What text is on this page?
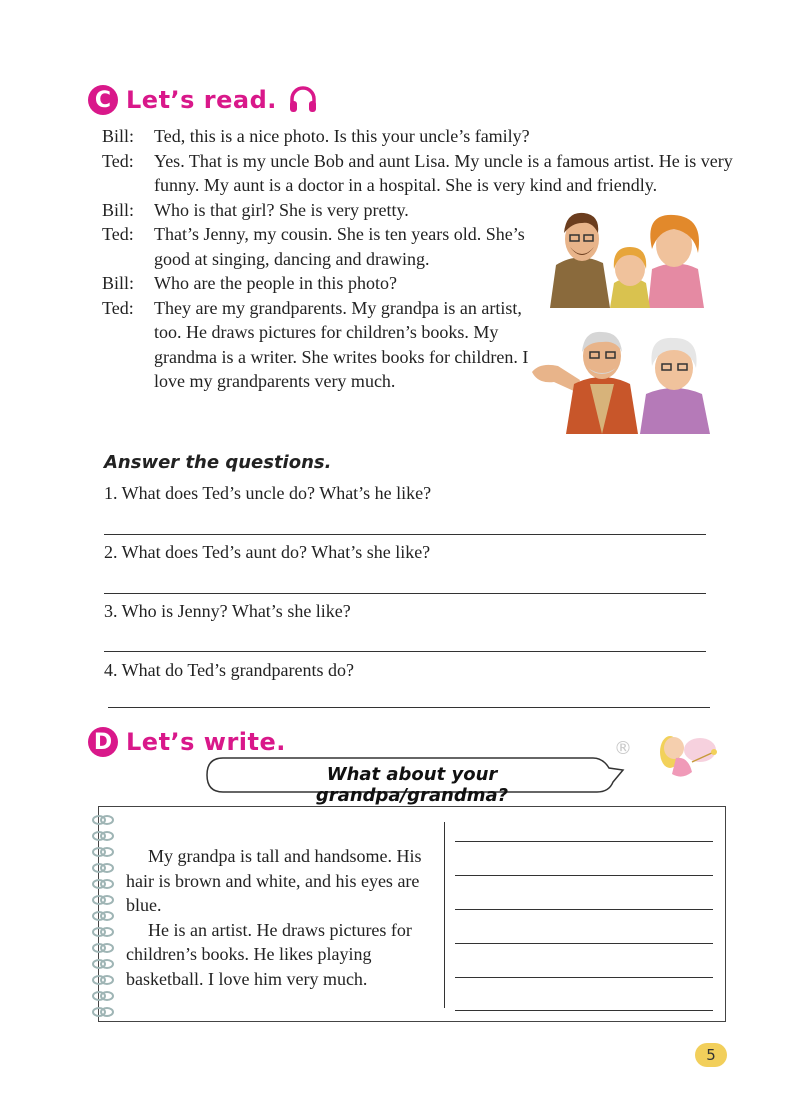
C Let’s read.
Bill:	Ted, this is a nice photo. Is this your uncle’s family?
Ted:	Yes. That is my uncle Bob and aunt Lisa. My uncle is a famous artist. He is very funny. My aunt is a doctor in a hospital. She is very kind and friendly.
Bill:	Who is that girl? She is very pretty.
Ted:	That’s Jenny, my cousin. She is ten years old. She’s good at singing, dancing and drawing.
Bill:	Who are the people in this photo?
Ted:	They are my grandparents. My grandpa is an artist, too. He draws pictures for children’s books. My grandma is a writer. She writes books for children. I love my grandparents very much.
Answer the questions.
1. What does Ted’s uncle do? What’s he like?
2. What does Ted’s aunt do? What’s she like?
3. Who is Jenny? What’s she like?
4. What do Ted’s grandparents do?
D Let’s write.	®
What about your grandpa/grandma?

My grandpa is tall and handsome. His hair is brown and white, and his eyes are blue.

He is an artist. He draws pictures for children’s books. He likes playing basketball. I love him very much.

5
